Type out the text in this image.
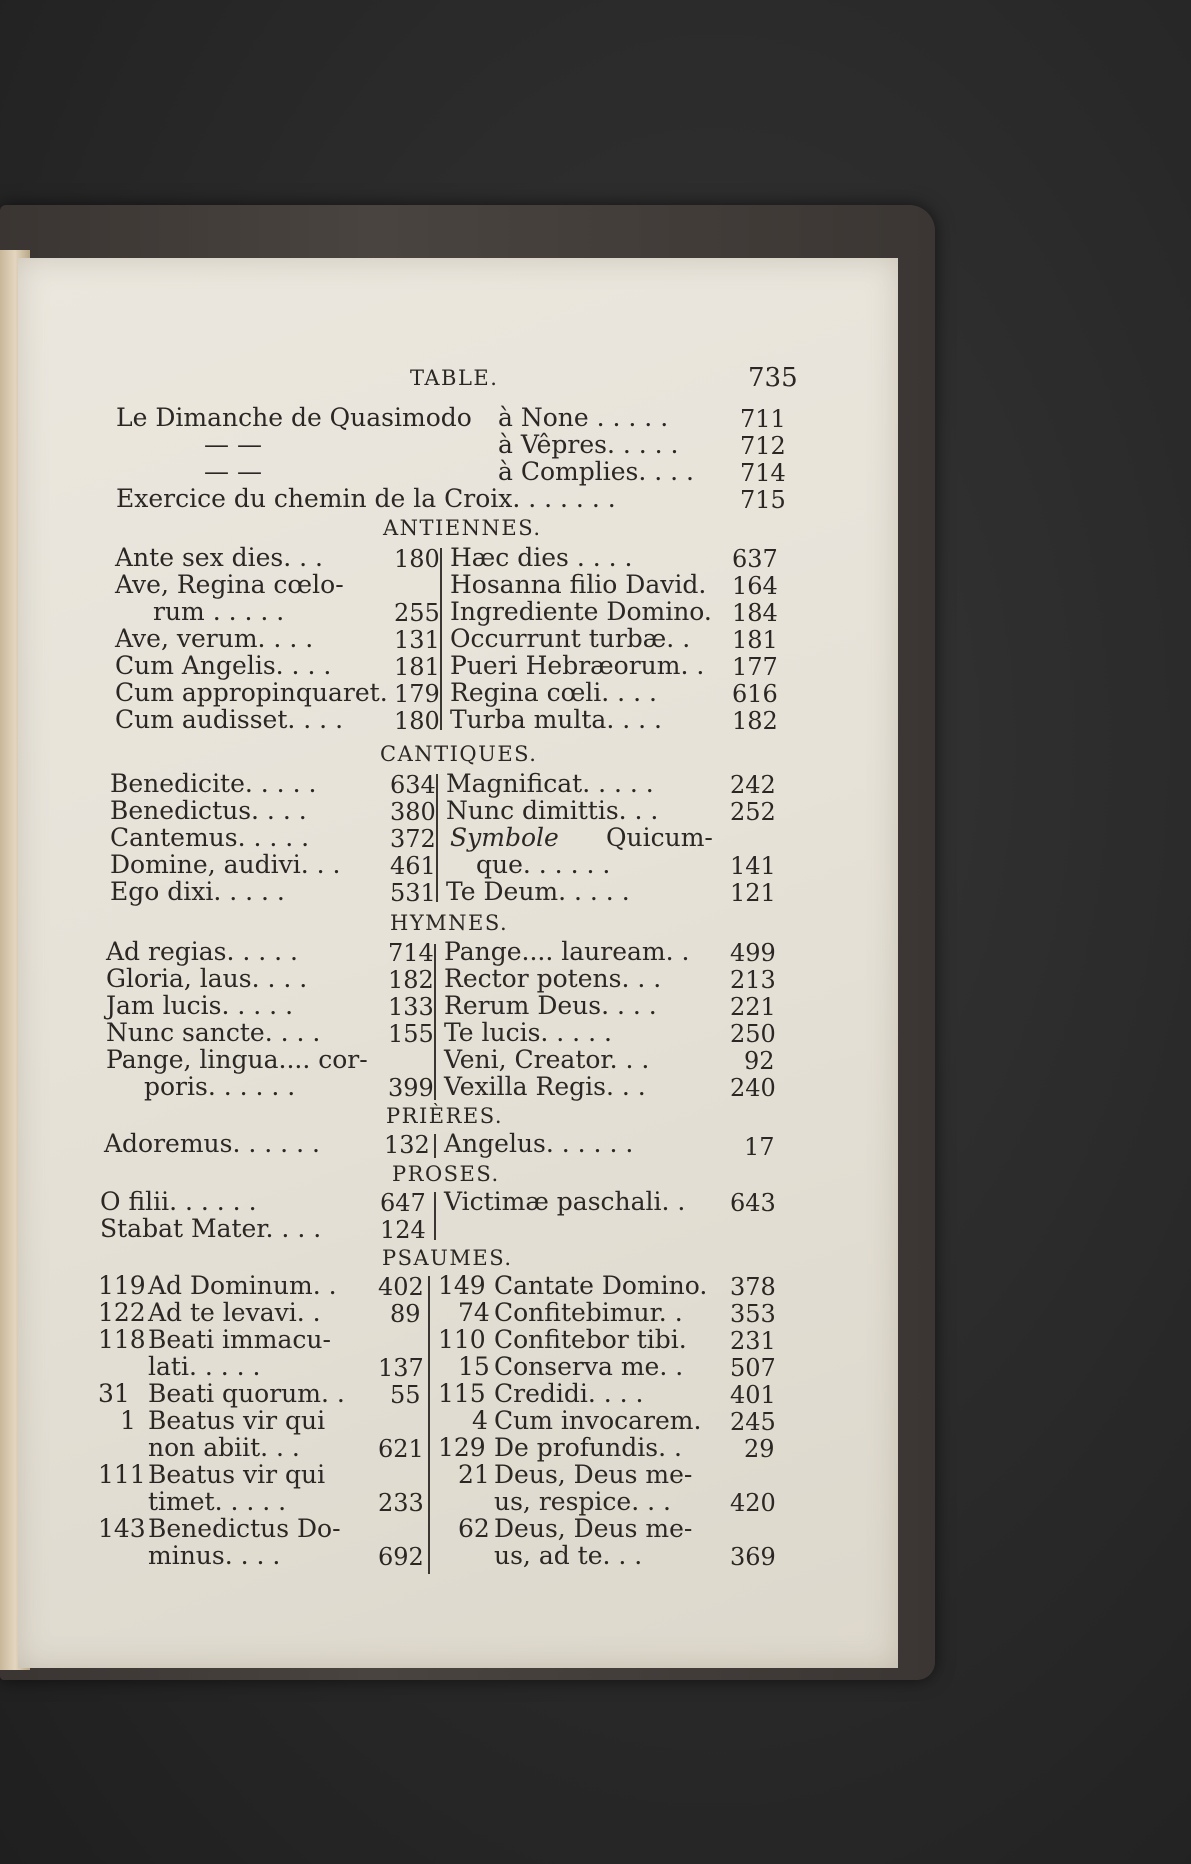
TABLE.	735
Le Dimanche de Quasimodo à None . . . . .	711
— —	à Vêpres. . . . .	712
— —	à Complies. . . . 714
Exercice du chemin de la Croix. . . . . . .	715
ANTIENNES.
Ante sex dies. . .	180
Ave, Regina cœlo-
rum . . . . .	255
Ave, verum. . . .	131
Cum Angelis. . . .	181
Cum appropinquaret. 179
Cum audisset. . . . 180
Hæc dies . . . .	637
Hosanna filio David. 164
Ingrediente Domino. 184
Occurrunt turbæ. . 181
Pueri Hebræorum. . 177
Regina cœli. . . .	616
Turba multa. . . .	182
CANTIQUES.
Benedicite. . . . .	634
Benedictus. . . .	380
Cantemus. . . . .	372
Domine, audivi. . . 461
Ego dixi. . . . .	531
Magnificat. . . . .	242
Nunc dimittis. . .	252
Symbole Quicum-
que. . . . . .	141
Te Deum. . . . .	121
HYMNES.
Ad regias. . . . .	714
Gloria, laus. . . .	182
Jam lucis. . . . .	133
Nunc sancte. . . .	155
Pange, lingua.... cor-
poris. . . . . .	399
Pange.... lauream. . 499
Rector potens. . .	213
Rerum Deus. . . .	221
Te lucis. . . . .	250
Veni, Creator. . .	92
Vexilla Regis. . .	240
PRIÈRES.
Adoremus. . . . . .	132 Angelus. . . . . .	17
PROSES.
O filii. . . . . .	647
Stabat Mater. . . . 124
Victimæ paschali. . 643
PSAUMES.
119 Ad Dominum. . 402
122 Ad te levavi. .	89
118 Beati immacu-
lati. . . . .	137
31 Beati quorum. . 55
1 Beatus vir qui
non abiit. . .	621
111 Beatus vir qui
timet. . . . .	233
143 Benedictus Do-
minus. . . .	692
149 Cantate Domino. 378
74 Confitebimur. . 353
110 Confitebor tibi. 231
15 Conserva me. . 507
115 Credidi. . . .	401
4 Cum invocarem. 245
129 De profundis. .	29
21 Deus, Deus me-
us, respice. . . 420
62 Deus, Deus me-
us, ad te. . .	369
